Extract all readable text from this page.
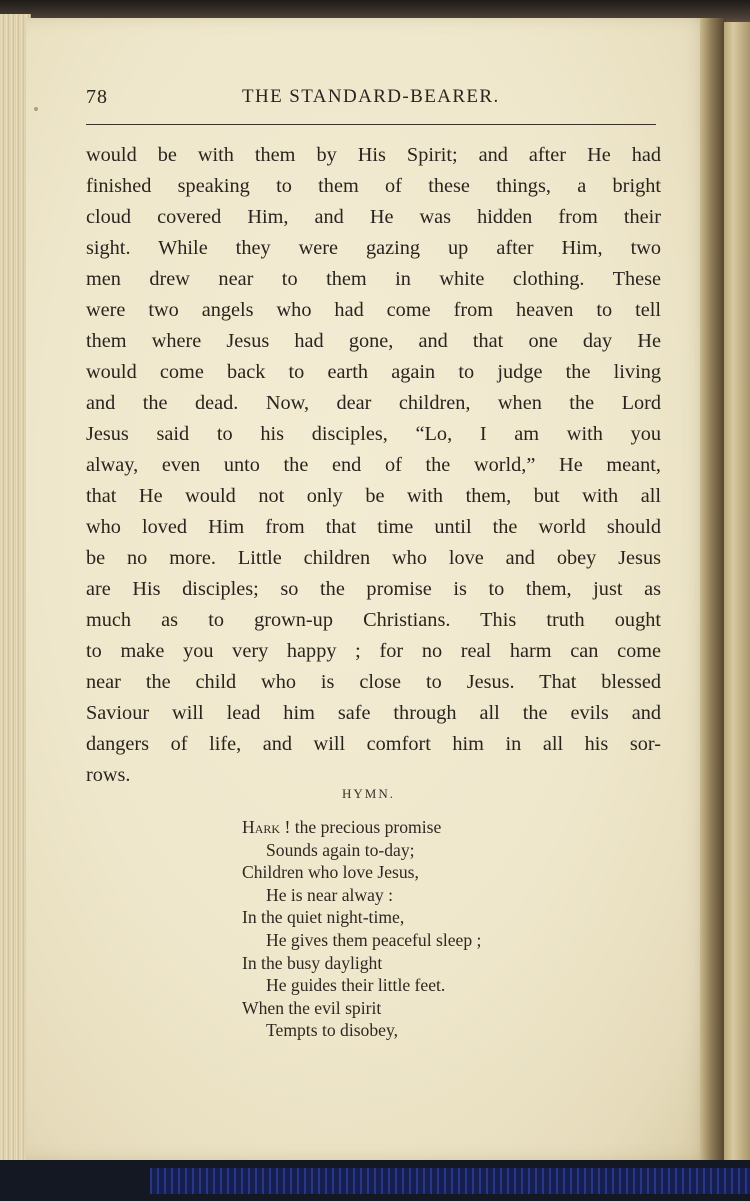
78	THE STANDARD-BEARER.
would be with them by His Spirit; and after He had
finished speaking to them of these things, a bright
cloud covered Him, and He was hidden from their
sight. While they were gazing up after Him, two
men drew near to them in white clothing. These
were two angels who had come from heaven to tell
them where Jesus had gone, and that one day He
would come back to earth again to judge the living
and the dead. Now, dear children, when the Lord
Jesus said to his disciples, “Lo, I am with you
alway, even unto the end of the world,” He meant,
that He would not only be with them, but with all
who loved Him from that time until the world should
be no more. Little children who love and obey Jesus
are His disciples; so the promise is to them, just as
much as to grown-up Christians. This truth ought
to make you very happy ; for no real harm can come
near the child who is close to Jesus. That blessed
Saviour will lead him safe through all the evils and
dangers of life, and will comfort him in all his sor-
rows.
HYMN.
Hark ! the precious promise
Sounds again to-day;
Children who love Jesus,
He is near alway :
In the quiet night-time,
He gives them peaceful sleep ;
In the busy daylight
He guides their little feet.
When the evil spirit
Tempts to disobey,
